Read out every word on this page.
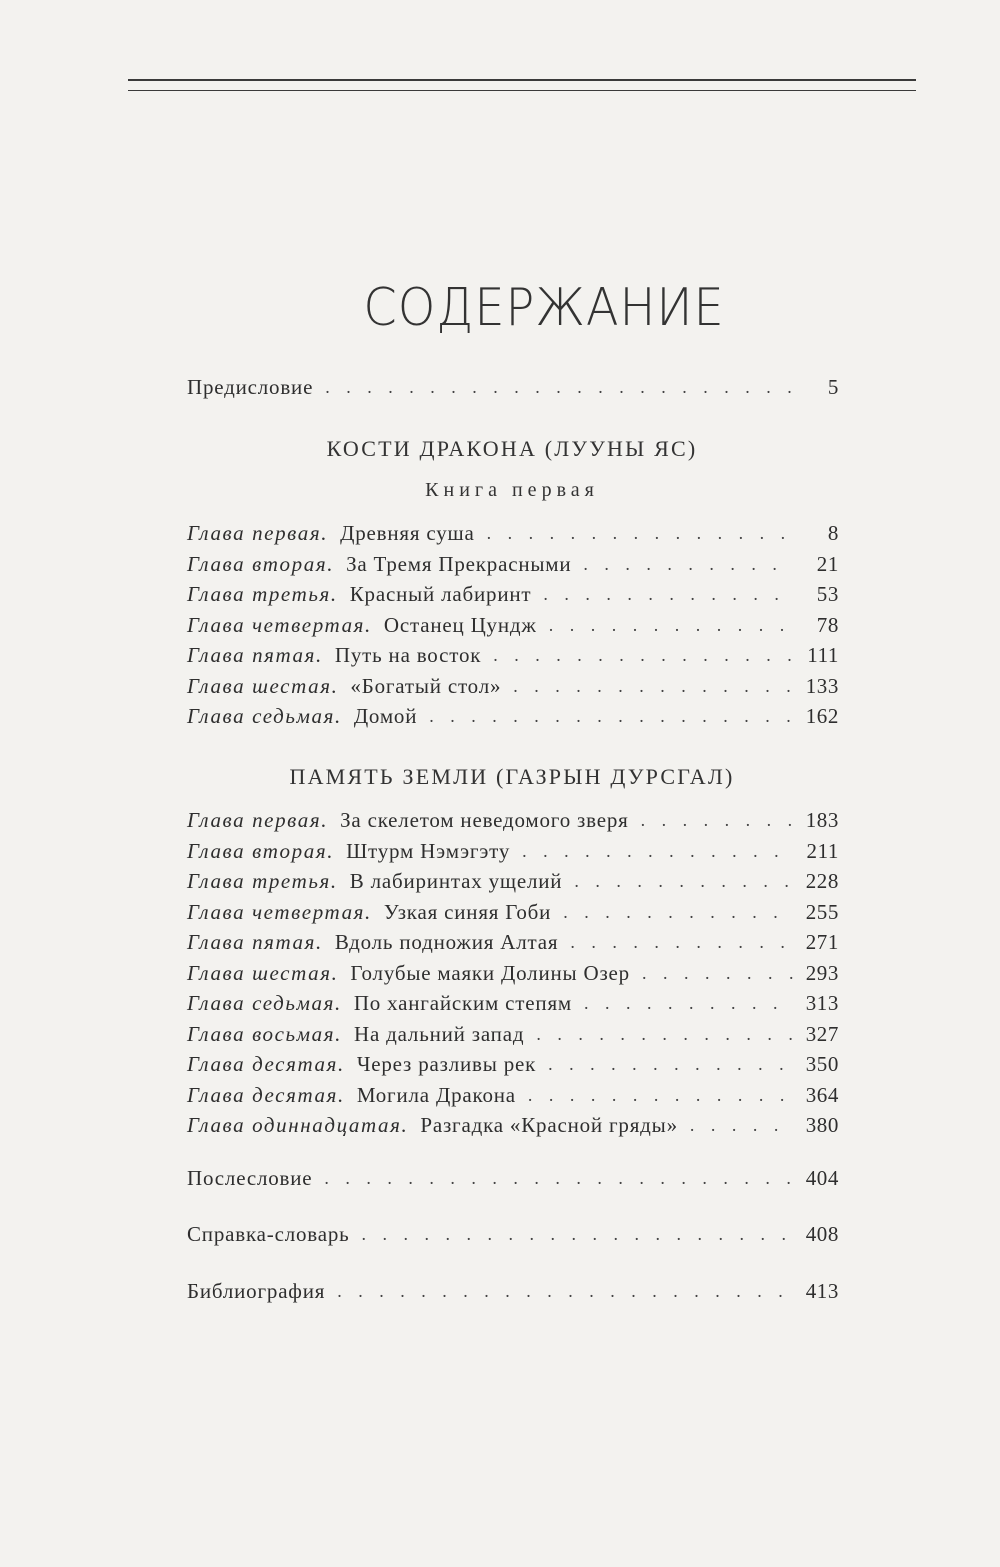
СОДЕРЖАНИЕ
Предисловие . . .	5
КОСТИ ДРАКОНА (ЛУУНЫ ЯС)
Книга первая
Глава первая. Древняя суша . . .	8
Глава вторая. За Тремя Прекрасными . . .	21
Глава третья. Красный лабиринт . . .	53
Глава четвертая. Останец Цундж . . .	78
Глава пятая. Путь на восток . . .	111
Глава шестая. «Богатый стол» . . .	133
Глава седьмая. Домой . . .	162
ПАМЯТЬ ЗЕМЛИ (ГАЗРЫН ДУРСГАЛ)
Глава первая. За скелетом неведомого зверя . . .	183
Глава вторая. Штурм Нэмэгэту . . .	211
Глава третья. В лабиринтах ущелий . . .	228
Глава четвертая. Узкая синяя Гоби . . .	255
Глава пятая. Вдоль подножия Алтая . . .	271
Глава шестая. Голубые маяки Долины Озер . . .	293
Глава седьмая. По хангайским степям . . .	313
Глава восьмая. На дальний запад . . .	327
Глава десятая. Через разливы рек . . .	350
Глава десятая. Могила Дракона . . .	364
Глава одиннадцатая. Разгадка «Красной гряды» . . .	380
Послесловие . . .	404
Справка-словарь . . .	408
Библиография . . .	413
